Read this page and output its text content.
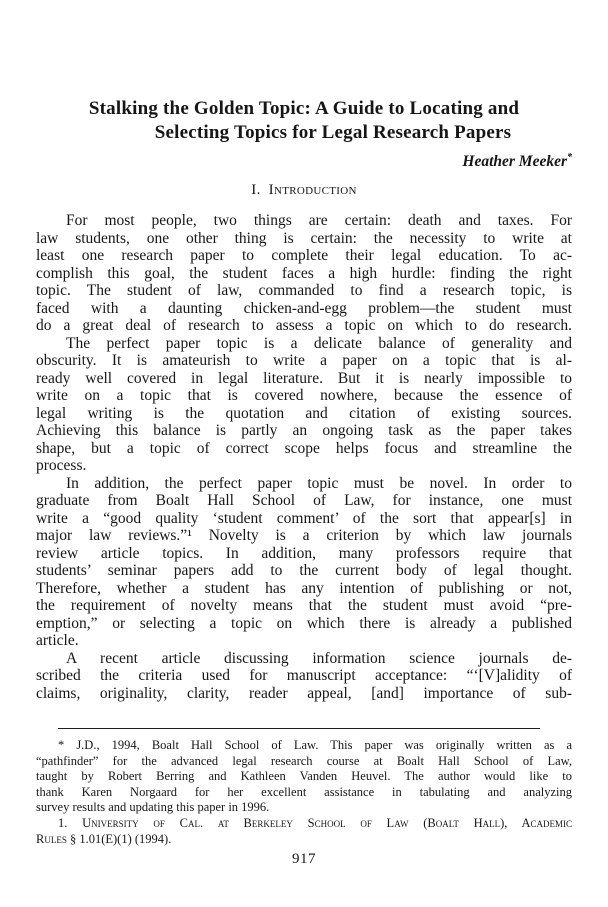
Stalking the Golden Topic: A Guide to Locating and
Selecting Topics for Legal Research Papers
Heather Meeker*
I. Introduction
For most people, two things are certain: death and taxes. For
law students, one other thing is certain: the necessity to write at
least one research paper to complete their legal education. To ac-
complish this goal, the student faces a high hurdle: finding the right
topic. The student of law, commanded to find a research topic, is
faced with a daunting chicken-and-egg problem—the student must
do a great deal of research to assess a topic on which to do research.
The perfect paper topic is a delicate balance of generality and
obscurity. It is amateurish to write a paper on a topic that is al-
ready well covered in legal literature. But it is nearly impossible to
write on a topic that is covered nowhere, because the essence of
legal writing is the quotation and citation of existing sources.
Achieving this balance is partly an ongoing task as the paper takes
shape, but a topic of correct scope helps focus and streamline the
process.
In addition, the perfect paper topic must be novel. In order to
graduate from Boalt Hall School of Law, for instance, one must
write a “good quality ‘student comment’ of the sort that appear[s] in
major law reviews.”¹ Novelty is a criterion by which law journals
review article topics. In addition, many professors require that
students’ seminar papers add to the current body of legal thought.
Therefore, whether a student has any intention of publishing or not,
the requirement of novelty means that the student must avoid “pre-
emption,” or selecting a topic on which there is already a published
article.
A recent article discussing information science journals de-
scribed the criteria used for manuscript acceptance: “‘[V]alidity of
claims, originality, clarity, reader appeal, [and] importance of sub-
* J.D., 1994, Boalt Hall School of Law. This paper was originally written as a
“pathfinder” for the advanced legal research course at Boalt Hall School of Law,
taught by Robert Berring and Kathleen Vanden Heuvel. The author would like to
thank Karen Norgaard for her excellent assistance in tabulating and analyzing
survey results and updating this paper in 1996.
1. University of Cal. at Berkeley School of Law (Boalt Hall), Academic
Rules § 1.01(E)(1) (1994).
917
